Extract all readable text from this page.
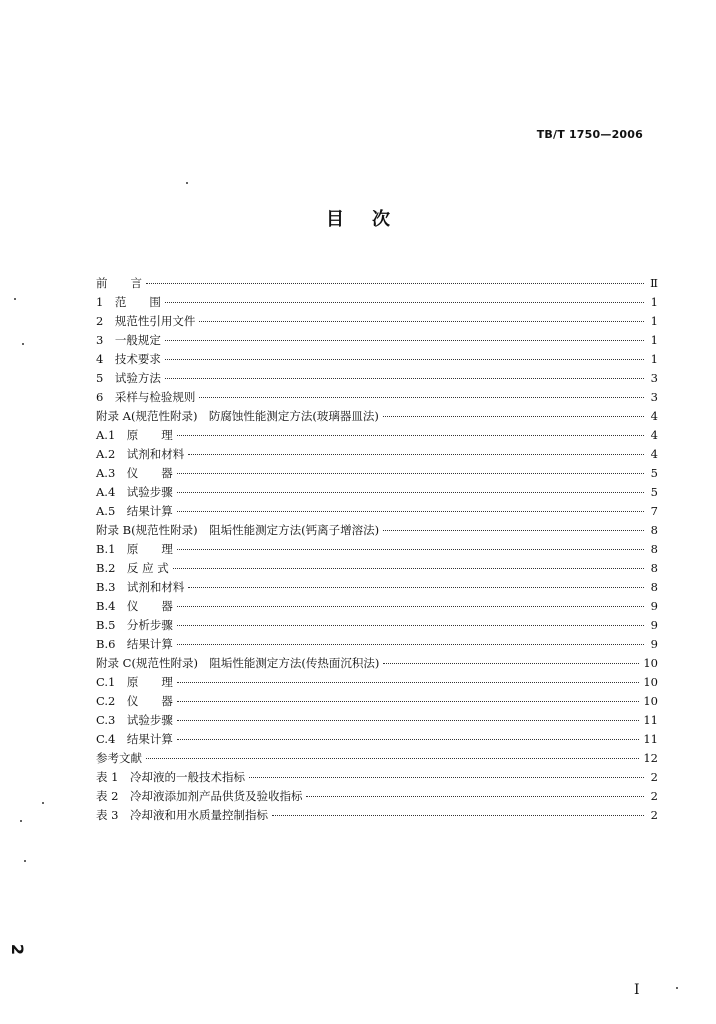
TB/T 1750—2006
目次
前　　言	Ⅱ
1　范　　围	1
2　规范性引用文件	1
3　一般规定	1
4　技术要求	1
5　试验方法	3
6　采样与检验规则	3
附录 A(规范性附录)　防腐蚀性能测定方法(玻璃器皿法)	4
A.1　原　　理	4
A.2　试剂和材料	4
A.3　仪　　器	5
A.4　试验步骤	5
A.5　结果计算	7
附录 B(规范性附录)　阻垢性能测定方法(钙离子增溶法)	8
B.1　原　　理	8
B.2　反 应 式	8
B.3　试剂和材料	8
B.4　仪　　器	9
B.5　分析步骤	9
B.6　结果计算	9
附录 C(规范性附录)　阻垢性能测定方法(传热面沉积法)	10
C.1　原　　理	10
C.2　仪　　器	10
C.3　试验步骤	11
C.4　结果计算	11
参考文献	12
表 1　冷却液的一般技术指标	2
表 2　冷却液添加剂产品供货及验收指标	2
表 3　冷却液和用水质量控制指标	2
2
I
